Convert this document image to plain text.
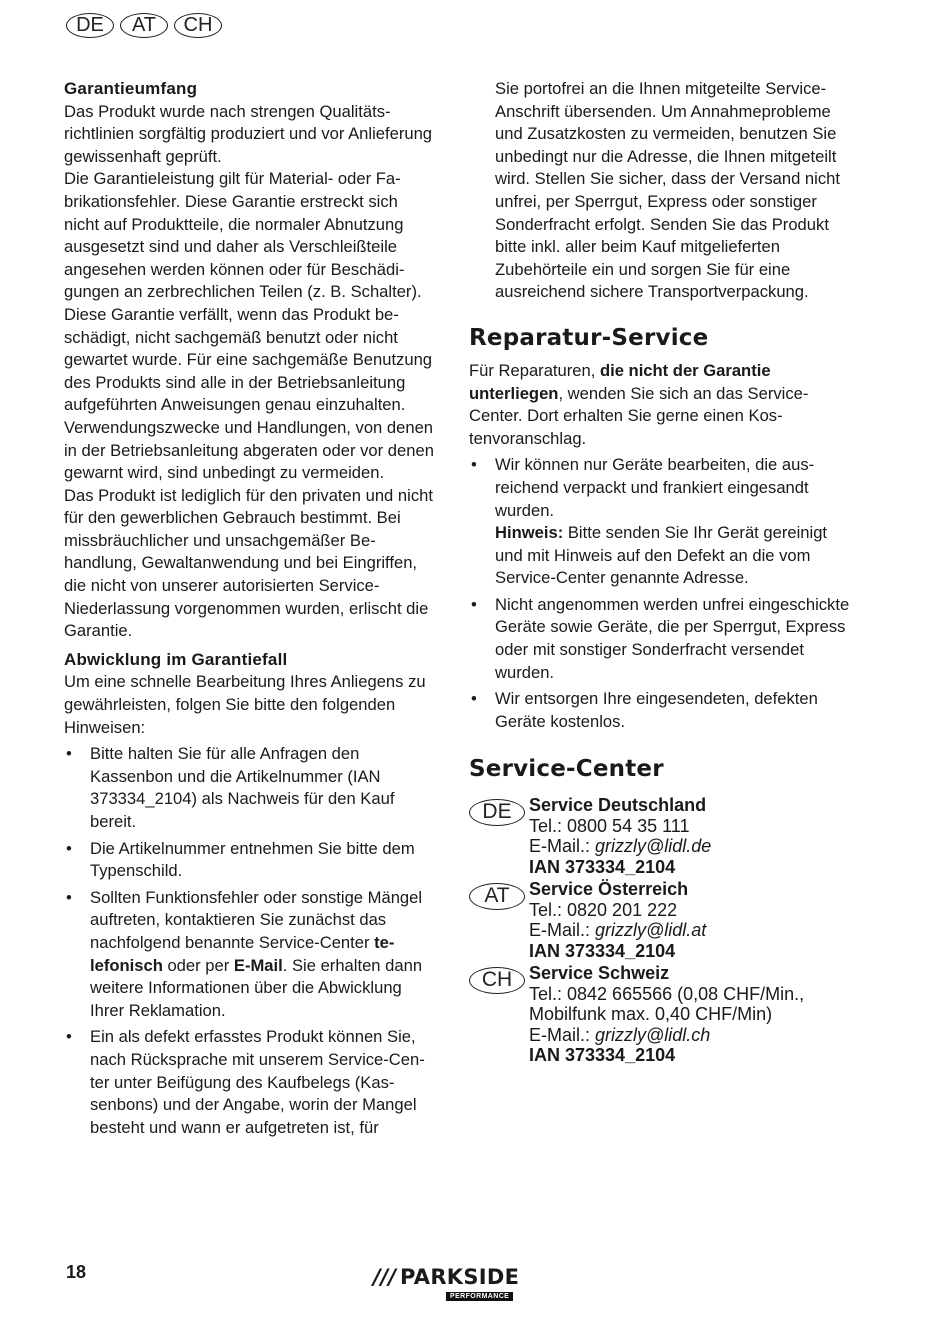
DE	AT	CH
Garantieumfang

Das Produkt wurde nach strengen Qualitätsrichtlinien sorgfältig produziert und vor Anlieferung gewissenhaft geprüft.

Die Garantieleistung gilt für Material- oder Fabrikationsfehler. Diese Garantie erstreckt sich nicht auf Produktteile, die normaler Abnutzung ausgesetzt sind und daher als Verschleißteile angesehen werden können oder für Beschädigungen an zerbrechlichen Teilen (z. B. Schalter).

Diese Garantie verfällt, wenn das Produkt beschädigt, nicht sachgemäß benutzt oder nicht gewartet wurde. Für eine sachgemäße Benutzung des Produkts sind alle in der Betriebsanleitung aufgeführten Anweisungen genau einzuhalten. Verwendungszwecke und Handlungen, von denen in der Betriebsanleitung abgeraten oder vor denen gewarnt wird, sind unbedingt zu vermeiden.

Das Produkt ist lediglich für den privaten und nicht für den gewerblichen Gebrauch bestimmt. Bei missbräuchlicher und unsachgemäßer Behandlung, Gewaltanwendung und bei Eingriffen, die nicht von unserer autorisierten Service-Niederlassung vorgenommen wurden, erlischt die Garantie.

Abwicklung im Garantiefall

Um eine schnelle Bearbeitung Ihres Anliegens zu gewährleisten, folgen Sie bitte den folgenden Hinweisen:

• Bitte halten Sie für alle Anfragen den Kassenbon und die Artikelnummer (IAN 373334_2104) als Nachweis für den Kauf bereit.
• Die Artikelnummer entnehmen Sie bitte dem Typenschild.
• Sollten Funktionsfehler oder sonstige Mängel auftreten, kontaktieren Sie zunächst das nachfolgend benannte Service-Center telefonisch oder per E-Mail. Sie erhalten dann weitere Informationen über die Abwicklung Ihrer Reklamation.
• Ein als defekt erfasstes Produkt können Sie, nach Rücksprache mit unserem Service-Center unter Beifügung des Kaufbelegs (Kassenbons) und der Angabe, worin der Mangel besteht und wann er aufgetreten ist, für

Sie portofrei an die Ihnen mitgeteilte Service-Anschrift übersenden. Um Annahmeprobleme und Zusatzkosten zu vermeiden, benutzen Sie unbedingt nur die Adresse, die Ihnen mitgeteilt wird. Stellen Sie sicher, dass der Versand nicht unfrei, per Sperrgut, Express oder sonstiger Sonderfracht erfolgt. Senden Sie das Produkt bitte inkl. aller beim Kauf mitgelieferten Zubehörteile ein und sorgen Sie für eine ausreichend sichere Transportverpackung.

Reparatur-Service

Für Reparaturen, die nicht der Garantie unterliegen, wenden Sie sich an das Service-Center. Dort erhalten Sie gerne einen Kostenvoranschlag.

• Wir können nur Geräte bearbeiten, die ausreichend verpackt und frankiert eingesandt wurden.
Hinweis: Bitte senden Sie Ihr Gerät gereinigt und mit Hinweis auf den Defekt an die vom Service-Center genannte Adresse.
• Nicht angenommen werden unfrei eingeschickte Geräte sowie Geräte, die per Sperrgut, Express oder mit sonstiger Sonderfracht versendet wurden.
• Wir entsorgen Ihre eingesendeten, defekten Geräte kostenlos.
Service-Center
DE Service Deutschland
Tel.: 0800 54 35 111
E-Mail.: grizzly@lidl.de
IAN 373334_2104
AT	Service Österreich
Tel.: 0820 201 222
E-Mail.: grizzly@lidl.at
IAN 373334_2104
CH Service Schweiz
Tel.: 0842 665566 (0,08 CHF/Min., Mobilfunk max. 0,40 CHF/Min)
E-Mail.: grizzly@lidl.ch
IAN 373334_2104
18	/// PARKSIDE
PERFORMANCE
